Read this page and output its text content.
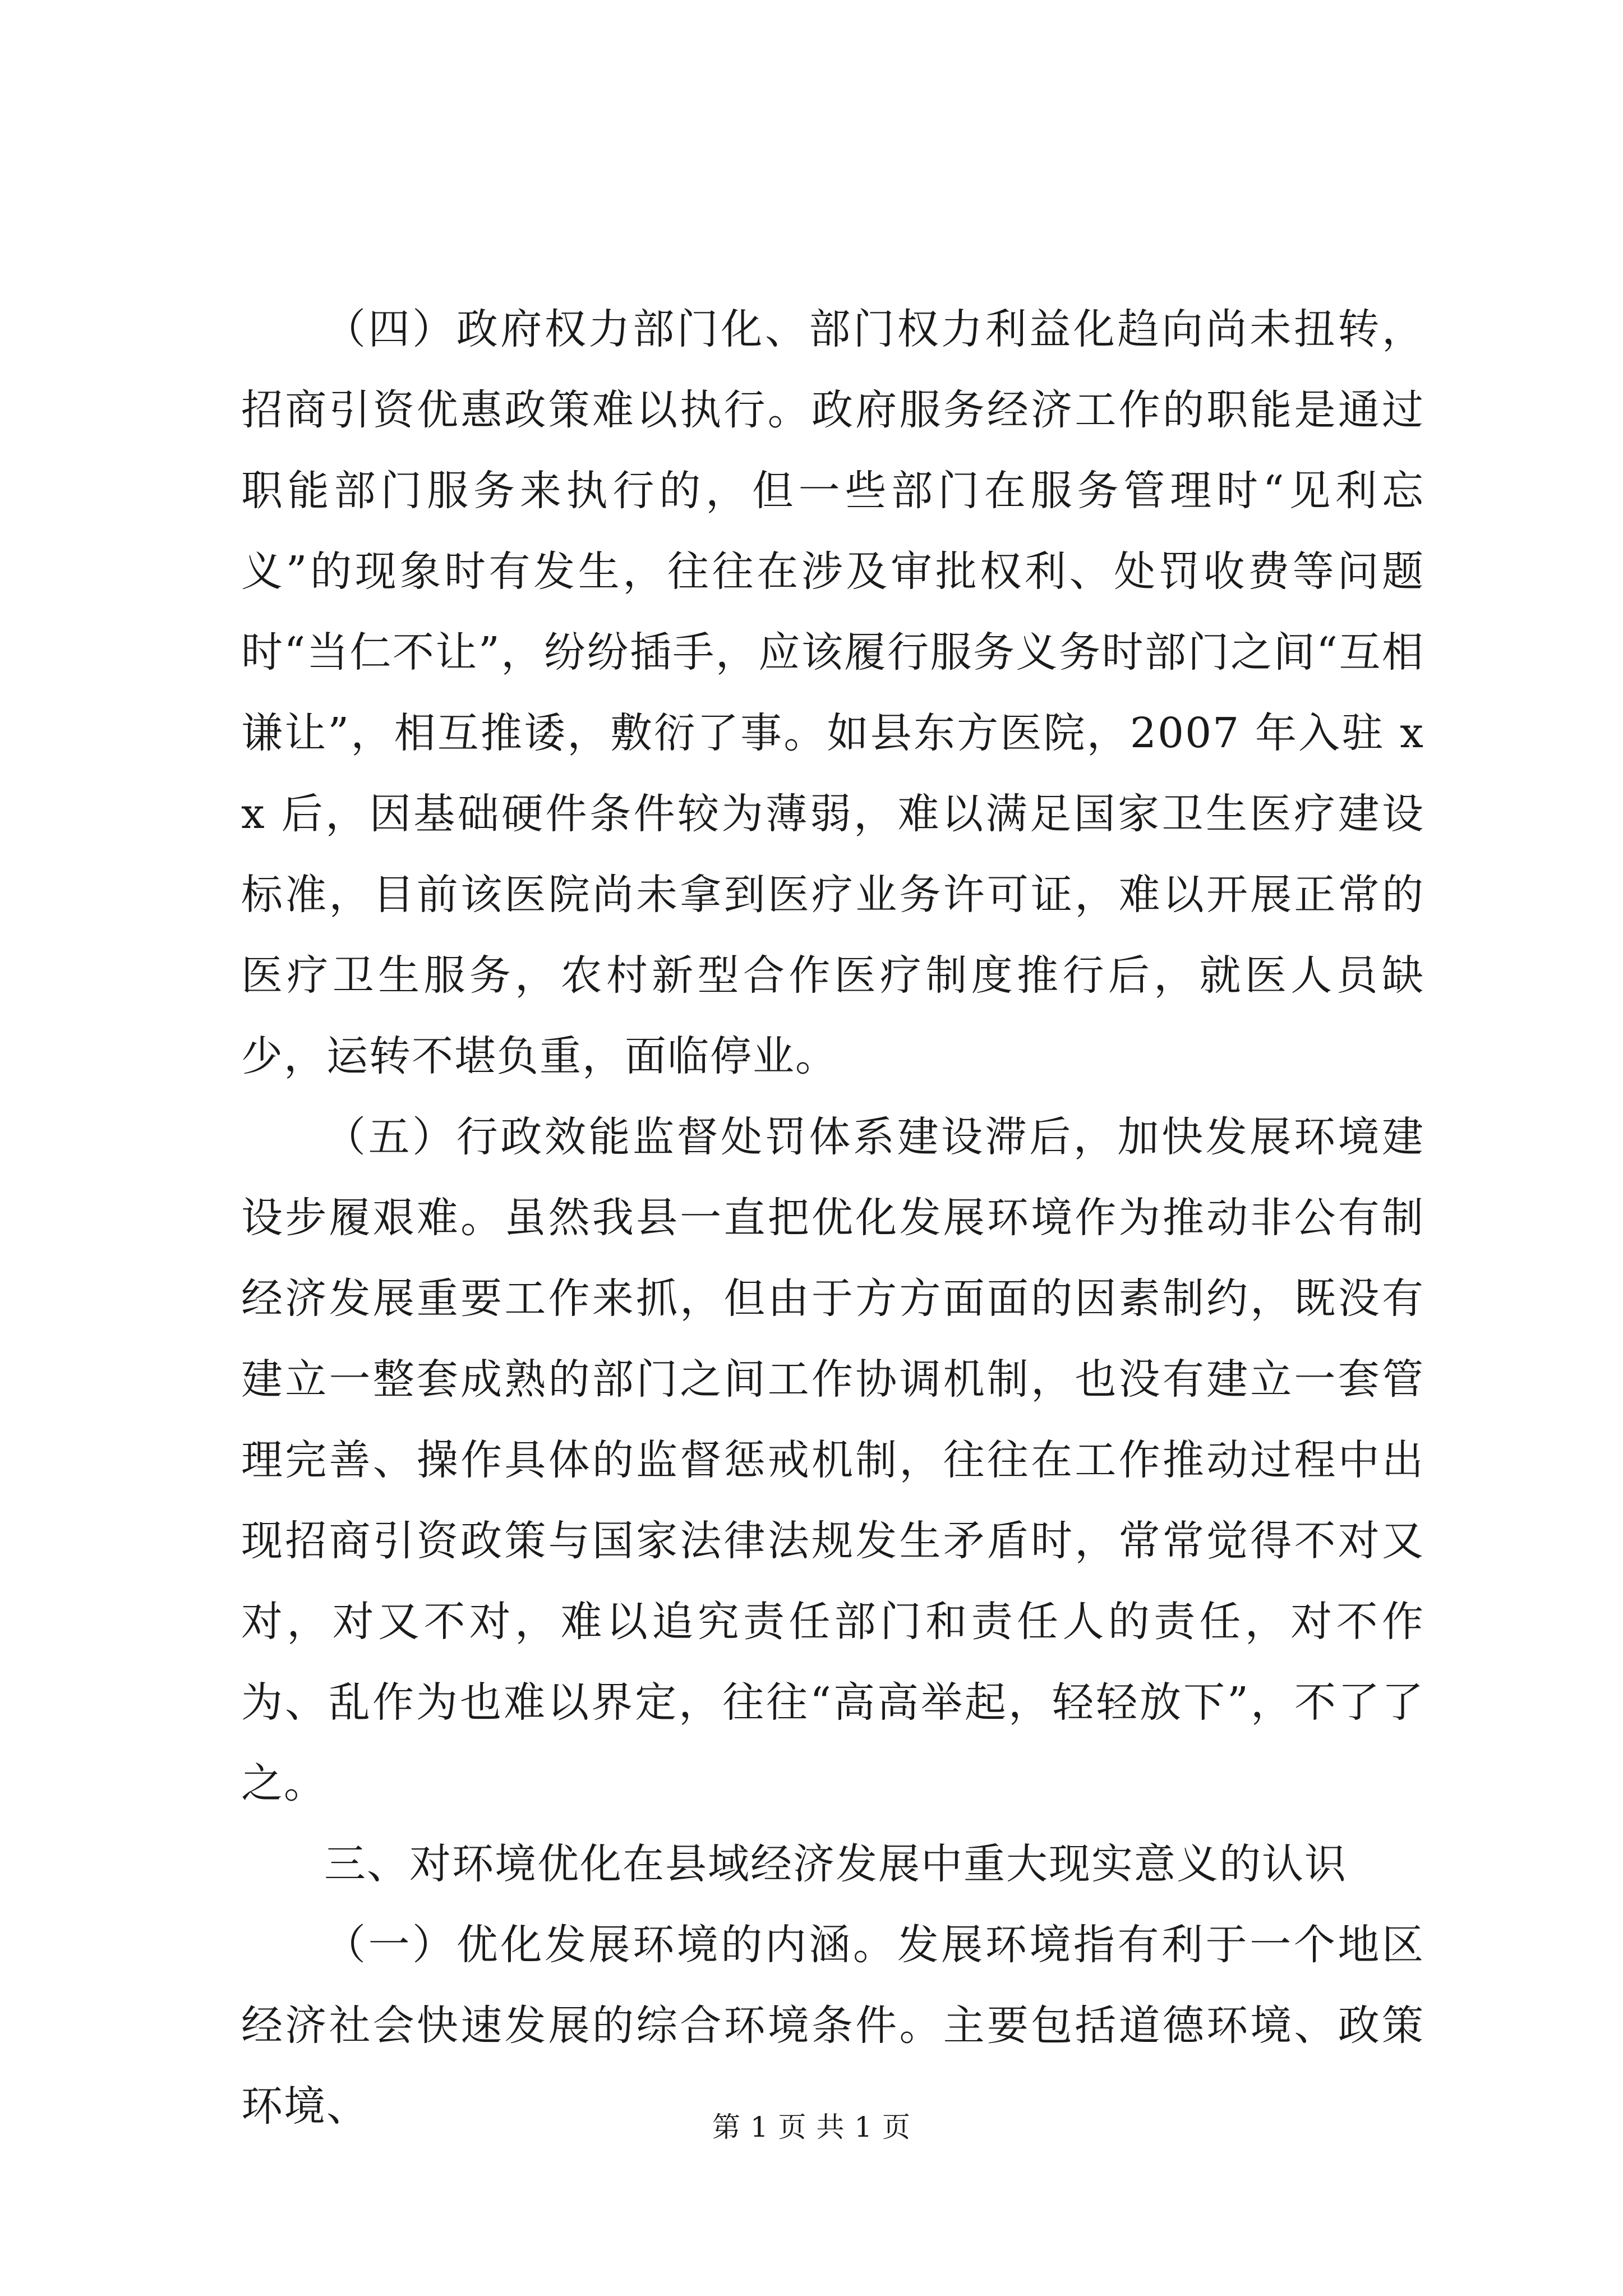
（四）政府权力部门化、部门权力利益化趋向尚未扭转，招商引资优惠政策难以执行。政府服务经济工作的职能是通过职能部门服务来执行的，但一些部门在服务管理时“见利忘义”的现象时有发生，往往在涉及审批权利、处罚收费等问题时“当仁不让”，纷纷插手，应该履行服务义务时部门之间“互相谦让”，相互推诿，敷衍了事。如县东方医院，2007 年入驻 xx 后，因基础硬件条件较为薄弱，难以满足国家卫生医疗建设标准，目前该医院尚未拿到医疗业务许可证，难以开展正常的医疗卫生服务，农村新型合作医疗制度推行后，就医人员缺少，运转不堪负重，面临停业。

（五）行政效能监督处罚体系建设滞后，加快发展环境建设步履艰难。虽然我县一直把优化发展环境作为推动非公有制经济发展重要工作来抓，但由于方方面面的因素制约，既没有建立一整套成熟的部门之间工作协调机制，也没有建立一套管理完善、操作具体的监督惩戒机制，往往在工作推动过程中出现招商引资政策与国家法律法规发生矛盾时，常常觉得不对又对，对又不对，难以追究责任部门和责任人的责任，对不作为、乱作为也难以界定，往往“高高举起，轻轻放下”，不了了之。

三、对环境优化在县域经济发展中重大现实意义的认识

（一）优化发展环境的内涵。发展环境指有利于一个地区经济社会快速发展的综合环境条件。主要包括道德环境、政策环境、	第 1 页 共 1 页
